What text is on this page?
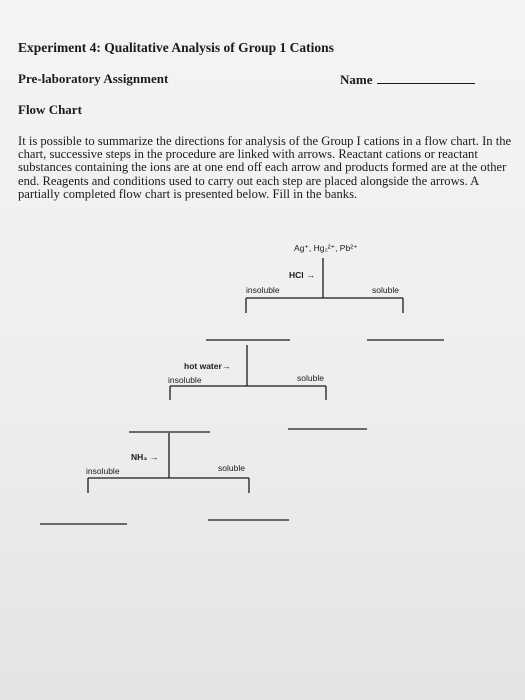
Experiment 4: Qualitative Analysis of Group 1 Cations
Pre-laboratory Assignment	Name
Flow Chart

It is possible to summarize the directions for analysis of the Group I cations in a flow chart. In the chart, successive steps in the procedure are linked with arrows. Reactant cations or reactant substances containing the ions are at one end off each arrow and products formed are at the other end. Reagents and conditions used to carry out each step are placed alongside the arrows. A partially completed flow chart is presented below. Fill in the banks.

Ag⁺, Hg₂²⁺, Pb²⁺
HCl →
insoluble	soluble
hot water→
insoluble	soluble
NH₃ →
insoluble	soluble
